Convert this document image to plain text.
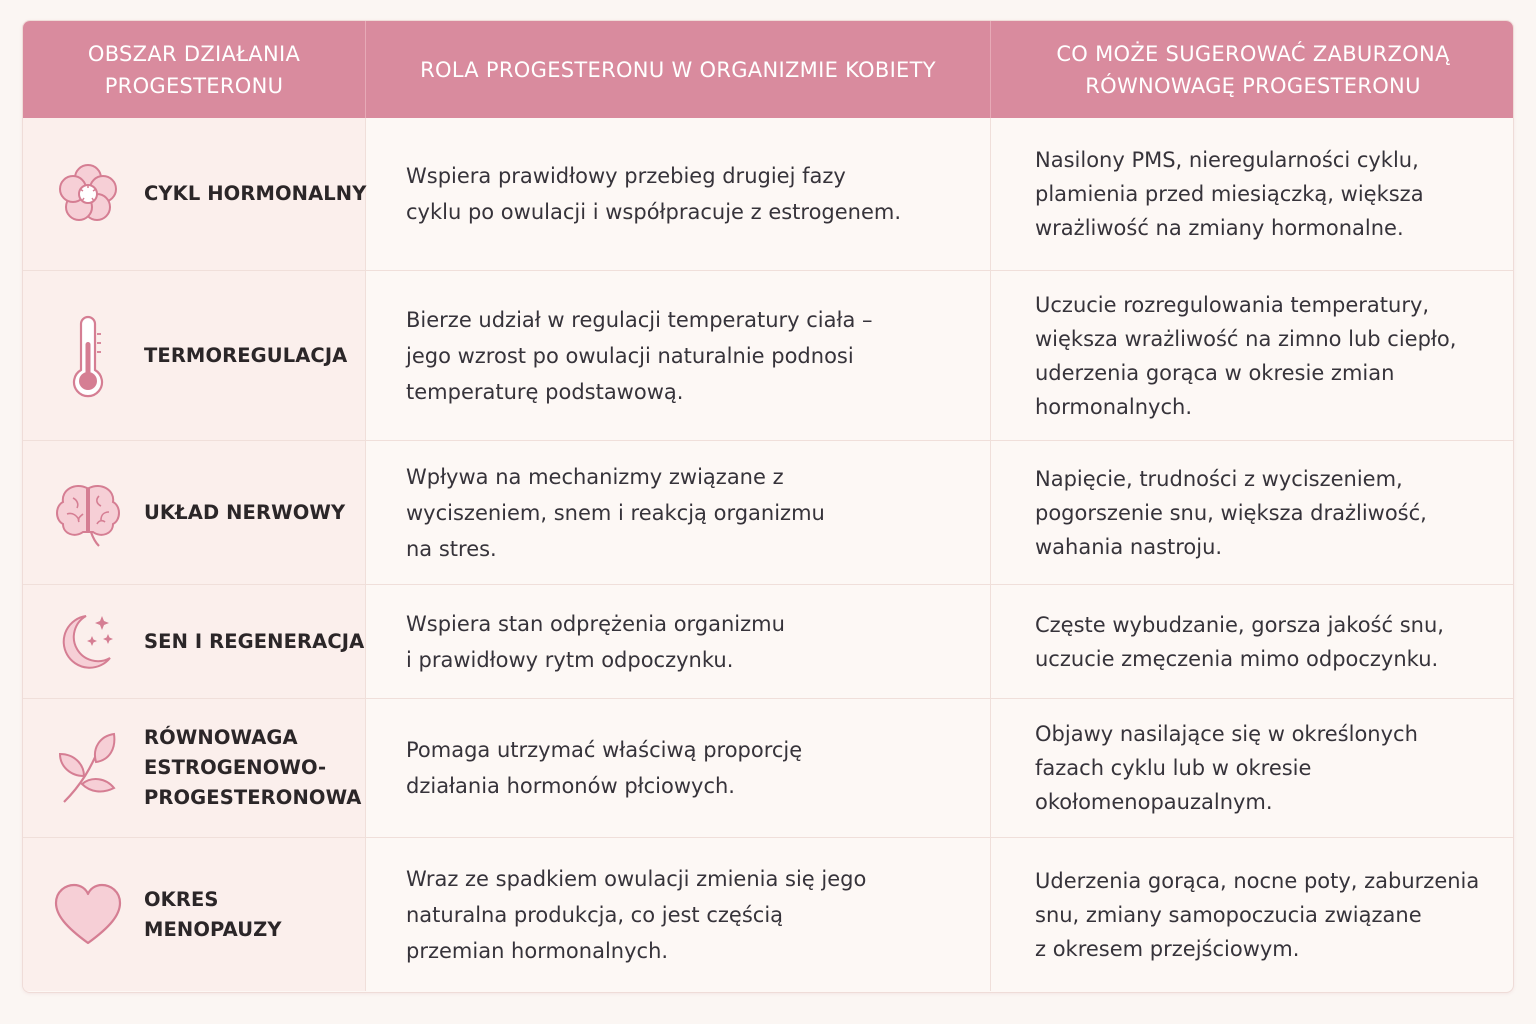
OBSZAR DZIAŁANIA
PROGESTERONU
ROLA PROGESTERONU W ORGANIZMIE KOBIETY
CO MOŻE SUGEROWAĆ ZABURZONĄ
RÓWNOWAGĘ PROGESTERONU
CYKL HORMONALNY
Wspiera prawidłowy przebieg drugiej fazy
cyklu po owulacji i współpracuje z estrogenem.
Nasilony PMS, nieregularności cyklu,
plamienia przed miesiączką, większa
wrażliwość na zmiany hormonalne.
TERMOREGULACJA
Bierze udział w regulacji temperatury ciała –
jego wzrost po owulacji naturalnie podnosi
temperaturę podstawową.
Uczucie rozregulowania temperatury,
większa wrażliwość na zimno lub ciepło,
uderzenia gorąca w okresie zmian
hormonalnych.
UKŁAD NERWOWY
Wpływa na mechanizmy związane z
wyciszeniem, snem i reakcją organizmu
na stres.
Napięcie, trudności z wyciszeniem,
pogorszenie snu, większa drażliwość,
wahania nastroju.
SEN I REGENERACJA
Wspiera stan odprężenia organizmu
i prawidłowy rytm odpoczynku.
Częste wybudzanie, gorsza jakość snu,
uczucie zmęczenia mimo odpoczynku.
RÓWNOWAGA
ESTROGENOWO-
PROGESTERONOWA
Pomaga utrzymać właściwą proporcję
działania hormonów płciowych.
Objawy nasilające się w określonych
fazach cyklu lub w okresie
okołomenopauzalnym.
OKRES
MENOPAUZY
Wraz ze spadkiem owulacji zmienia się jego
naturalna produkcja, co jest częścią
przemian hormonalnych.
Uderzenia gorąca, nocne poty, zaburzenia
snu, zmiany samopoczucia związane
z okresem przejściowym.
